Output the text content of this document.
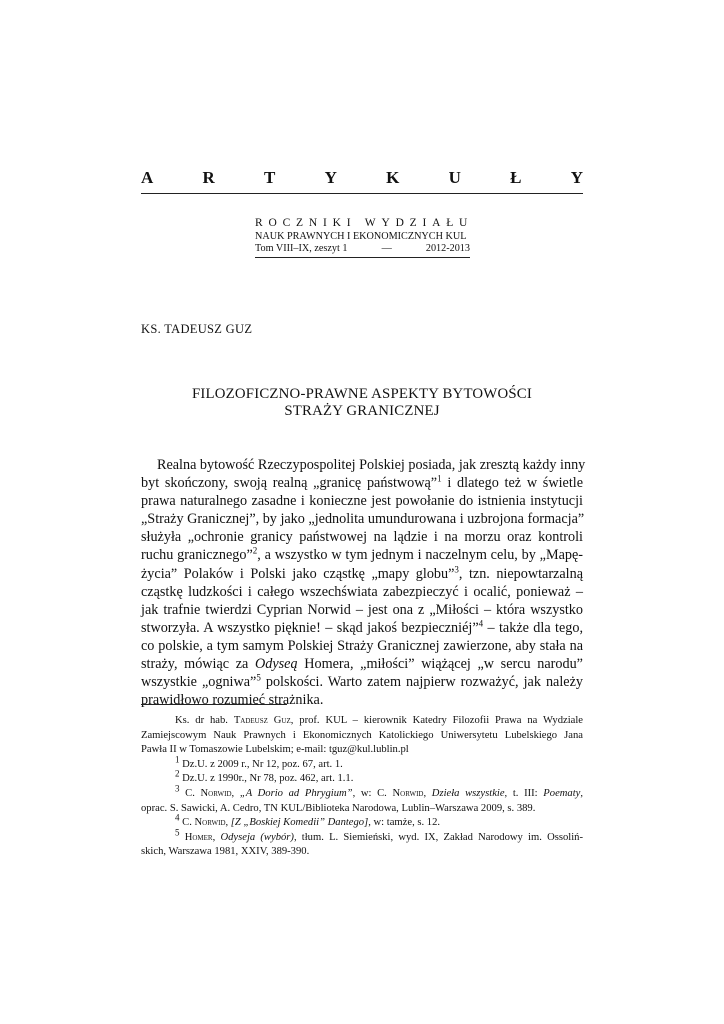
A	R	T	Y	K	U	Ł	Y
ROCZNIKI WYDZIAŁU
NAUK PRAWNYCH I EKONOMICZNYCH KUL
Tom VIII–IX, zeszyt 1	—	2012-2013
KS. TADEUSZ GUZ
FILOZOFICZNO-PRAWNE ASPEKTY BYTOWOŚCI
STRAŻY GRANICZNEJ
Realna bytowość Rzeczypospolitej Polskiej posiada, jak zresztą każdy inny
byt skończony, swoją realną „granicę państwową”$^1$ i dlatego też w świetle
prawa naturalnego zasadne i konieczne jest powołanie do istnienia instytucji
„Straży Granicznej”, by jako „jednolita umundurowana i uzbrojona formacja”
służyła „ochronie granicy państwowej na lądzie i na morzu oraz kontroli
ruchu granicznego”$^2$, a wszystko w tym jednym i naczelnym celu, by „Mapę-
życia” Polaków i Polski jako cząstkę „mapy globu”$^3$, tzn. niepowtarzalną
cząstkę ludzkości i całego wszechświata zabezpieczyć i ocalić, ponieważ –
jak trafnie twierdzi Cyprian Norwid – jest ona z „Miłości – która wszystko
stworzyła. A wszystko pięknie! – skąd jakoś bezpieczniéj”$^4$ – także dla tego,
co polskie, a tym samym Polskiej Straży Granicznej zawierzone, aby stała na
straży, mówiąc za Odyseą Homera, „miłości” wiążącej „w sercu narodu”
wszystkie „ogniwa”$^5$ polskości. Warto zatem najpierw rozważyć, jak należy
prawidłowo rozumieć strażnika.
Ks. dr hab. Tadeusz Guz, prof. KUL – kierownik Katedry Filozofii Prawa na Wydziale
Zamiejscowym Nauk Prawnych i Ekonomicznych Katolickiego Uniwersytetu Lubelskiego Jana
Pawła II w Tomaszowie Lubelskim; e-mail: tguz@kul.lublin.pl
$^1$ Dz.U. z 2009 r., Nr 12, poz. 67, art. 1.
$^2$ Dz.U. z 1990r., Nr 78, poz. 462, art. 1.1.
$^3$ C. Norwid, „A Dorio ad Phrygium”, w: C. Norwid, Dzieła wszystkie, t. III: Poematy,
oprac. S. Sawicki, A. Cedro, TN KUL/Biblioteka Narodowa, Lublin–Warszawa 2009, s. 389.
$^4$ C. Norwid, [Z „Boskiej Komedii” Dantego], w: tamże, s. 12.
$^5$ Homer, Odyseja (wybór), tłum. L. Siemieński, wyd. IX, Zakład Narodowy im. Ossoliń-
skich, Warszawa 1981, XXIV, 389-390.
